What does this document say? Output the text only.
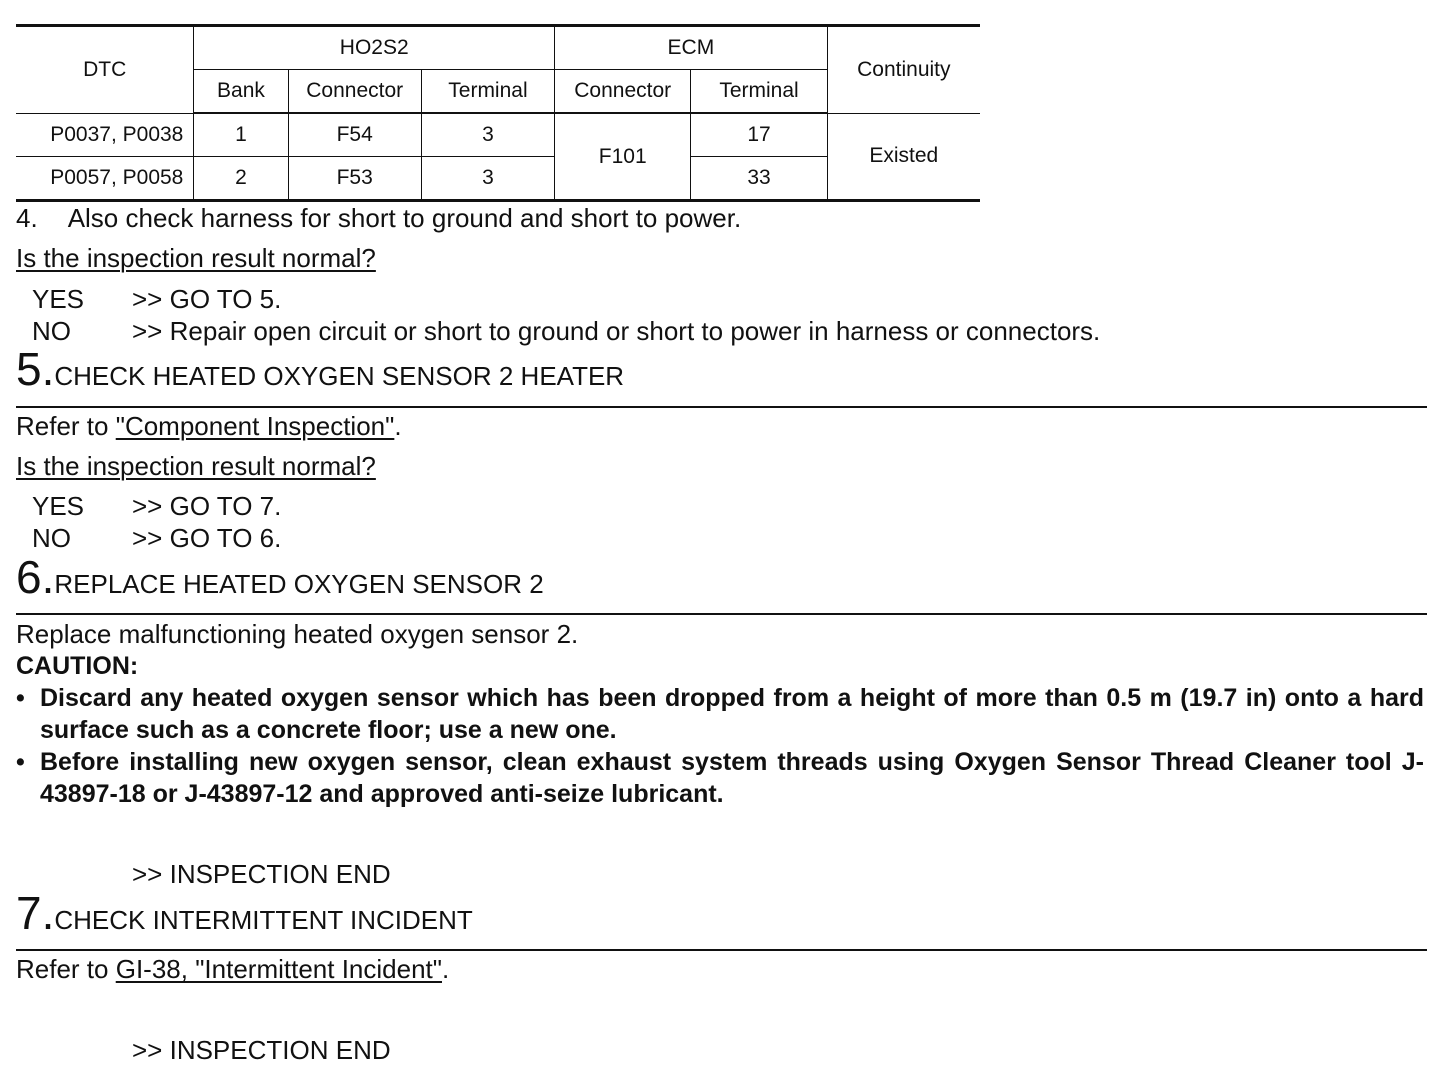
DTC	HO2S2			ECM		Continuity
	Bank	Connector	Terminal	Connector	Terminal	
P0037, P0038	1	F54	3	F101	17	Existed
P0057, P0058	2	F53	3		33	
4. Also check harness for short to ground and short to power.
Is the inspection result normal?
YES >> GO TO 5.
NO >> Repair open circuit or short to ground or short to power in harness or connectors.
5.CHECK HEATED OXYGEN SENSOR 2 HEATER
Refer to "Component Inspection".
Is the inspection result normal?
YES >> GO TO 7.
NO >> GO TO 6.
6.REPLACE HEATED OXYGEN SENSOR 2
Replace malfunctioning heated oxygen sensor 2.
CAUTION:
• Discard any heated oxygen sensor which has been dropped from a height of more than 0.5 m (19.7 in) onto a hard surface such as a concrete floor; use a new one.
• Before installing new oxygen sensor, clean exhaust system threads using Oxygen Sensor Thread Cleaner tool J-43897-18 or J-43897-12 and approved anti-seize lubricant.
>> INSPECTION END
7.CHECK INTERMITTENT INCIDENT
Refer to GI-38, "Intermittent Incident".
>> INSPECTION END
